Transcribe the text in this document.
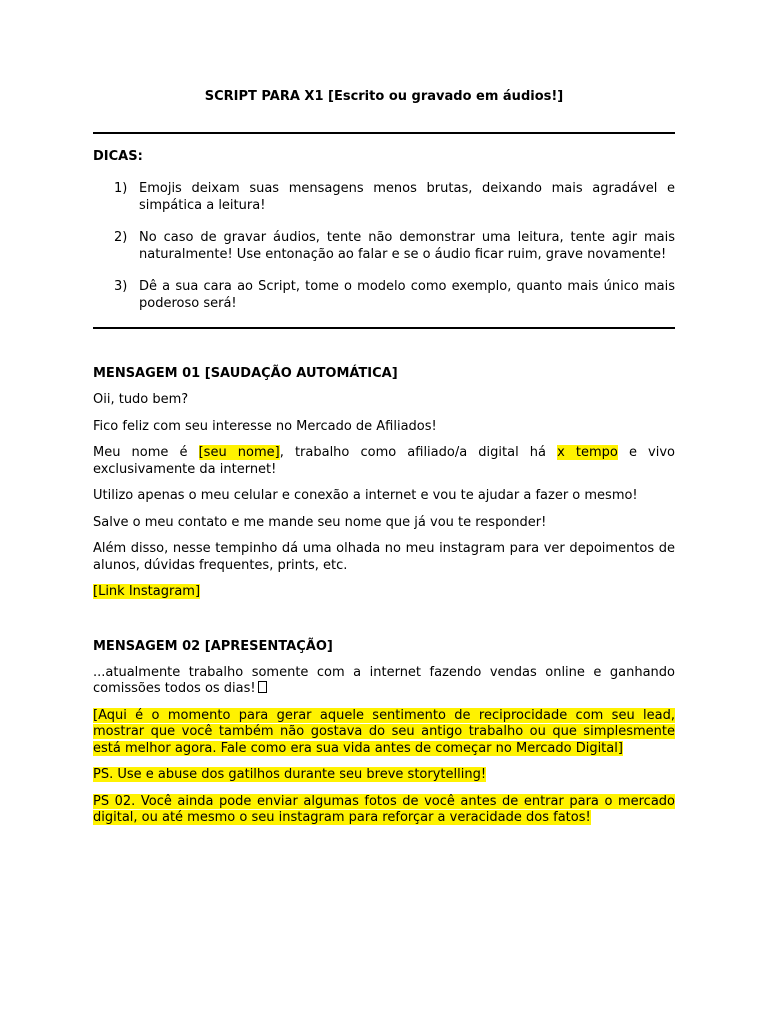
SCRIPT PARA X1 [Escrito ou gravado em áudios!]

DICAS:

1) Emojis deixam suas mensagens menos brutas, deixando mais agradável e simpática a leitura!
2) No caso de gravar áudios, tente não demonstrar uma leitura, tente agir mais naturalmente! Use entonação ao falar e se o áudio ficar ruim, grave novamente!
3) Dê a sua cara ao Script, tome o modelo como exemplo, quanto mais único mais poderoso será!

MENSAGEM 01 [SAUDAÇÃO AUTOMÁTICA]

Oii, tudo bem?

Fico feliz com seu interesse no Mercado de Afiliados!

Meu nome é [seu nome], trabalho como afiliado/a digital há x tempo e vivo exclusivamente da internet!

Utilizo apenas o meu celular e conexão a internet e vou te ajudar a fazer o mesmo!

Salve o meu contato e me mande seu nome que já vou te responder!

Além disso, nesse tempinho dá uma olhada no meu instagram para ver depoimentos de alunos, dúvidas frequentes, prints, etc.

[Link Instagram]

MENSAGEM 02 [APRESENTAÇÃO]

...atualmente trabalho somente com a internet fazendo vendas online e ganhando comissões todos os dias!

[Aqui é o momento para gerar aquele sentimento de reciprocidade com seu lead, mostrar que você também não gostava do seu antigo trabalho ou que simplesmente está melhor agora. Fale como era sua vida antes de começar no Mercado Digital]

PS. Use e abuse dos gatilhos durante seu breve storytelling!

PS 02. Você ainda pode enviar algumas fotos de você antes de entrar para o mercado digital, ou até mesmo o seu instagram para reforçar a veracidade dos fatos!
